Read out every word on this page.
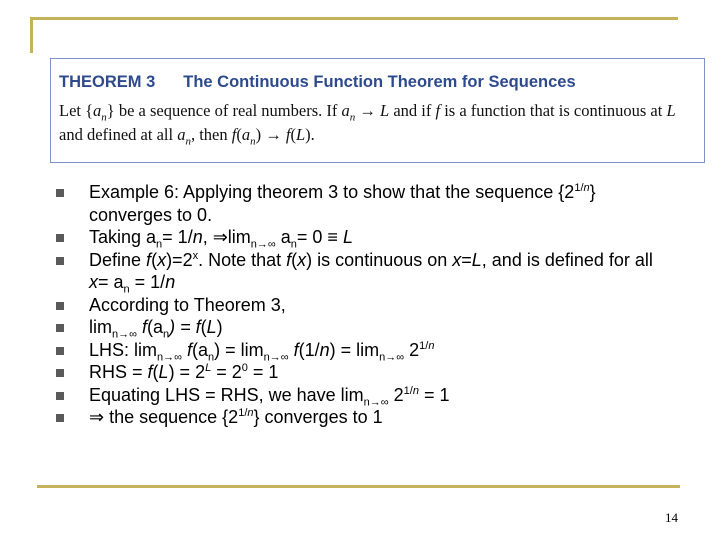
THEOREM 3 The Continuous Function Theorem for Sequences
Let $\{a_n\}$ be a sequence of real numbers. If $a_n \to L$ and if f is a function that is continuous at L and defined at all $a_n$, then $f(a_n) \to f(L)$.
Example 6: Applying theorem 3 to show that the sequence $\{2^{1/n}\}$ converges to 0.
Taking $a_n= 1/n$, $\Rightarrow\lim_{n\to\infty}$ $a_n= 0 \equiv L$
Define $f(x)=2^x$. Note that f(x) is continuous on x=L, and is defined for all $x= a_n = 1/n$
According to Theorem 3,
$\lim_{n\to\infty} f(a_n) = f(L)$
LHS: $\lim_{n\to\infty} f(a_n) = \lim_{n\to\infty} f(1/n) = \lim_{n\to\infty} 2^{1/n}$
RHS = $f(L) = 2^L = 2^0 = 1$
Equating LHS = RHS, we have $\lim_{n\to\infty} 2^{1/n} = 1$
⇒ the sequence $\{2^{1/n}\}$ converges to 1
14
